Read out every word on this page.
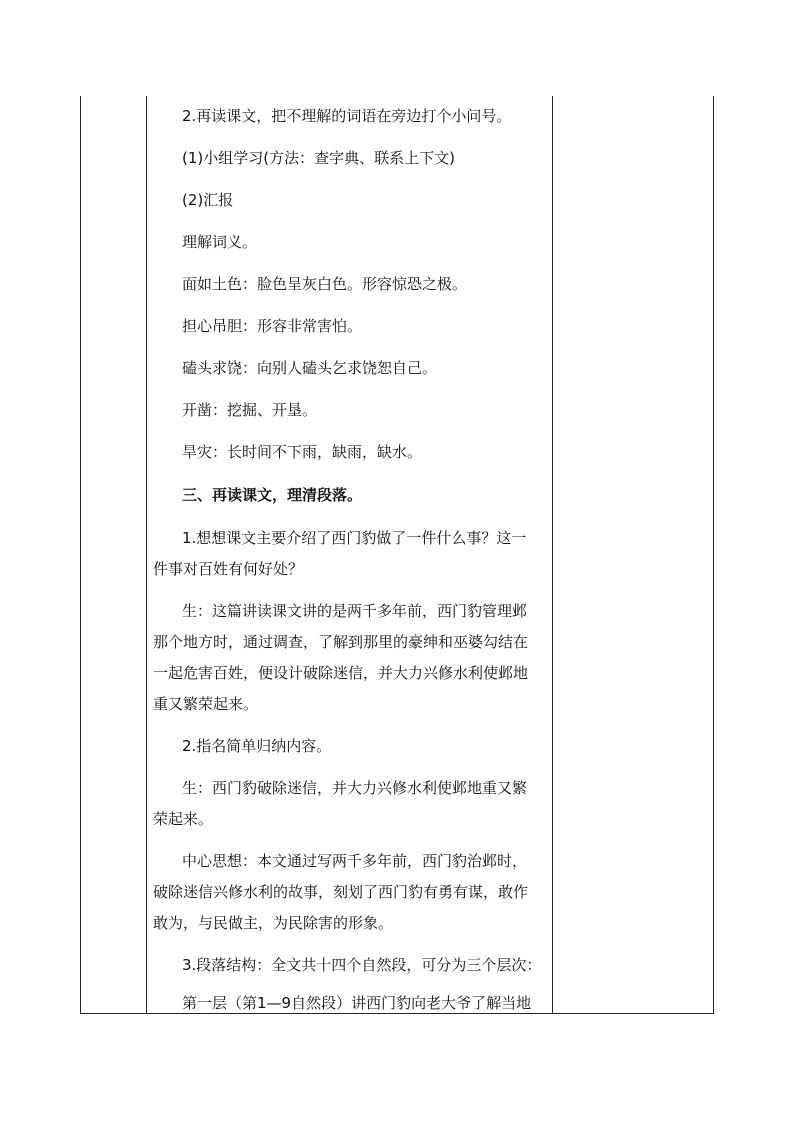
2.再读课文，把不理解的词语在旁边打个小问号。

(1)小组学习(方法：查字典、联系上下文)

(2)汇报

理解词义。

面如土色：脸色呈灰白色。形容惊恐之极。

担心吊胆：形容非常害怕。

磕头求饶：向别人磕头乞求饶恕自己。

开凿：挖掘、开垦。

旱灾：长时间不下雨，缺雨，缺水。

三、再读课文，理清段落。

1.想想课文主要介绍了西门豹做了一件什么事？这一

件事对百姓有何好处？

生：这篇讲读课文讲的是两千多年前，西门豹管理邺

那个地方时，通过调查，了解到那里的豪绅和巫婆勾结在

一起危害百姓，便设计破除迷信，并大力兴修水利使邺地

重又繁荣起来。

2.指名简单归纳内容。

生：西门豹破除迷信，并大力兴修水利使邺地重又繁

荣起来。

中心思想：本文通过写两千多年前，西门豹治邺时，

破除迷信兴修水利的故事，刻划了西门豹有勇有谋，敢作

敢为，与民做主，为民除害的形象。

3.段落结构：全文共十四个自然段，可分为三个层次：

第一层（第1—9自然段）讲西门豹向老大爷了解当地
